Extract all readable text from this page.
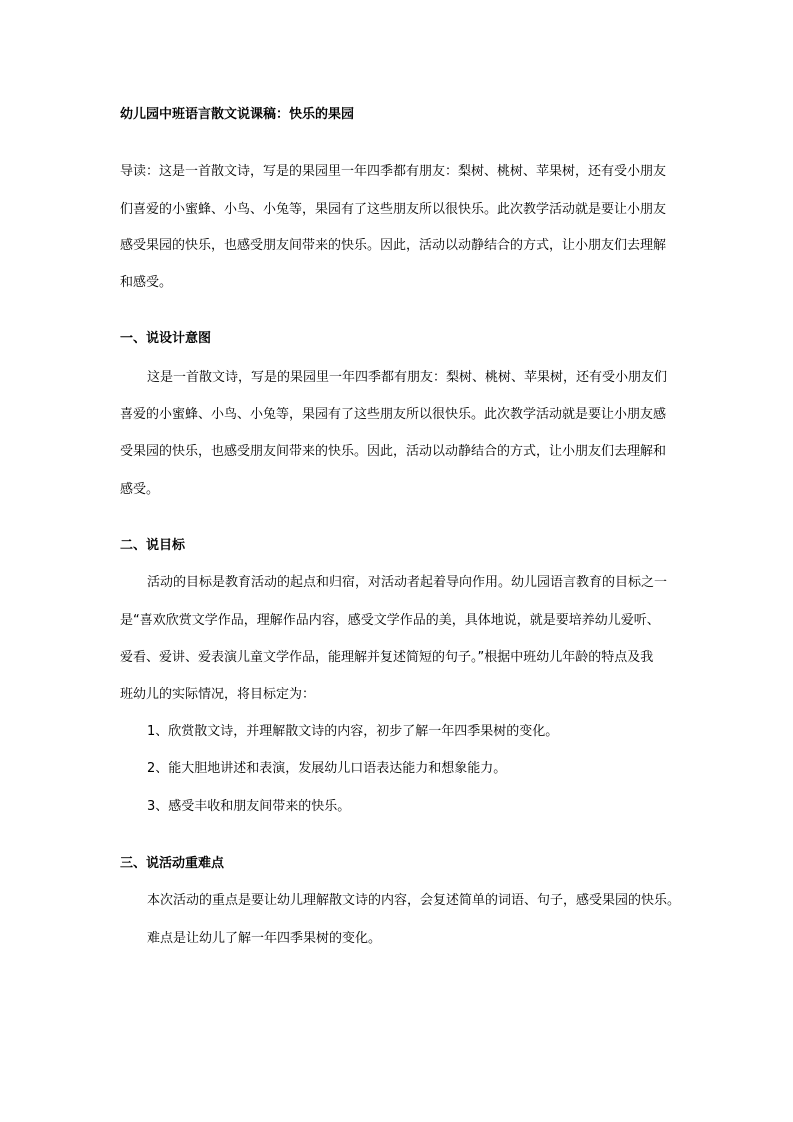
幼儿园中班语言散文说课稿：快乐的果园
导读：这是一首散文诗，写是的果园里一年四季都有朋友：梨树、桃树、苹果树，还有受小朋友
们喜爱的小蜜蜂、小鸟、小兔等，果园有了这些朋友所以很快乐。此次教学活动就是要让小朋友
感受果园的快乐，也感受朋友间带来的快乐。因此，活动以动静结合的方式，让小朋友们去理解
和感受。
一、说设计意图
这是一首散文诗，写是的果园里一年四季都有朋友：梨树、桃树、苹果树，还有受小朋友们
喜爱的小蜜蜂、小鸟、小兔等，果园有了这些朋友所以很快乐。此次教学活动就是要让小朋友感
受果园的快乐，也感受朋友间带来的快乐。因此，活动以动静结合的方式，让小朋友们去理解和
感受。
二、说目标
活动的目标是教育活动的起点和归宿，对活动者起着导向作用。幼儿园语言教育的目标之一
是“喜欢欣赏文学作品，理解作品内容，感受文学作品的美，具体地说，就是要培养幼儿爱听、
爱看、爱讲、爱表演儿童文学作品，能理解并复述简短的句子。”根据中班幼儿年龄的特点及我
班幼儿的实际情况，将目标定为：
1、欣赏散文诗，并理解散文诗的内容，初步了解一年四季果树的变化。
2、能大胆地讲述和表演，发展幼儿口语表达能力和想象能力。
3、感受丰收和朋友间带来的快乐。
三、说活动重难点
本次活动的重点是要让幼儿理解散文诗的内容，会复述简单的词语、句子，感受果园的快乐。
难点是让幼儿了解一年四季果树的变化。
